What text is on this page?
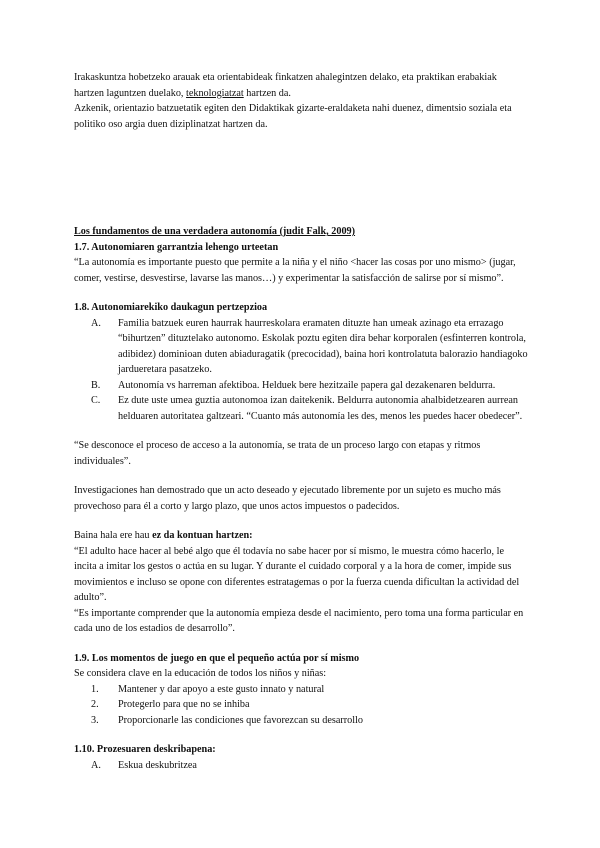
Irakaskuntza hobetzeko arauak eta orientabideak finkatzen ahalegintzen delako, eta praktikan erabakiak hartzen laguntzen duelako, teknologiatzat hartzen da.

Azkenik, orientazio batzuetatik egiten den Didaktikak gizarte-eraldaketa nahi duenez, dimentsio soziala eta politiko oso argia duen diziplinatzat hartzen da.

Los fundamentos de una verdadera autonomía (judit Falk, 2009)

1.7. Autonomiaren garrantzia lehengo urteetan

“La autonomía es importante puesto que permite a la niña y el niño <hacer las cosas por uno mismo> (jugar, comer, vestirse, desvestirse, lavarse las manos…) y experimentar la satisfacción de salirse por sí mismo”.

1.8. Autonomiarekiko daukagun pertzepzioa

A. Familia batzuek euren haurrak haurreskolara eramaten dituzte han umeak azinago eta errazago “bihurtzen” dituztelako autonomo. Eskolak poztu egiten dira behar korporalen (esfinterren kontrola, adibidez) dominioan duten abiaduragatik (precocidad), baina hori kontrolatuta balorazio handiagoko jardueretara pasatzeko.
B. Autonomía vs harreman afektiboa. Helduek bere hezitzaile papera gal dezakenaren beldurra.
C. Ez dute uste umea guztia autonomoa izan daitekenik. Beldurra autonomia ahalbidetzearen aurrean helduaren autoritatea galtzeari. “Cuanto más autonomía les des, menos les puedes hacer obedecer”.

“Se desconoce el proceso de acceso a la autonomía, se trata de un proceso largo con etapas y ritmos individuales”.

Investigaciones han demostrado que un acto deseado y ejecutado libremente por un sujeto es mucho más provechoso para él a corto y largo plazo, que unos actos impuestos o padecidos.

Baina hala ere hau ez da kontuan hartzen:

“El adulto hace hacer al bebé algo que él todavía no sabe hacer por sí mismo, le muestra cómo hacerlo, le incita a imitar los gestos o actúa en su lugar. Y durante el cuidado corporal y a la hora de comer, impide sus movimientos e incluso se opone con diferentes estratagemas o por la fuerza cuenda dificultan la actividad del adulto”.

“Es importante comprender que la autonomía empieza desde el nacimiento, pero toma una forma particular en cada uno de los estadios de desarrollo”.

1.9. Los momentos de juego en que el pequeño actúa por sí mismo

Se considera clave en la educación de todos los niños y niñas:

1. Mantener y dar apoyo a este gusto innato y natural
2. Protegerlo para que no se inhiba
3. Proporcionarle las condiciones que favorezcan su desarrollo

1.10. Prozesuaren deskribapena:

A. Eskua deskubritzea
